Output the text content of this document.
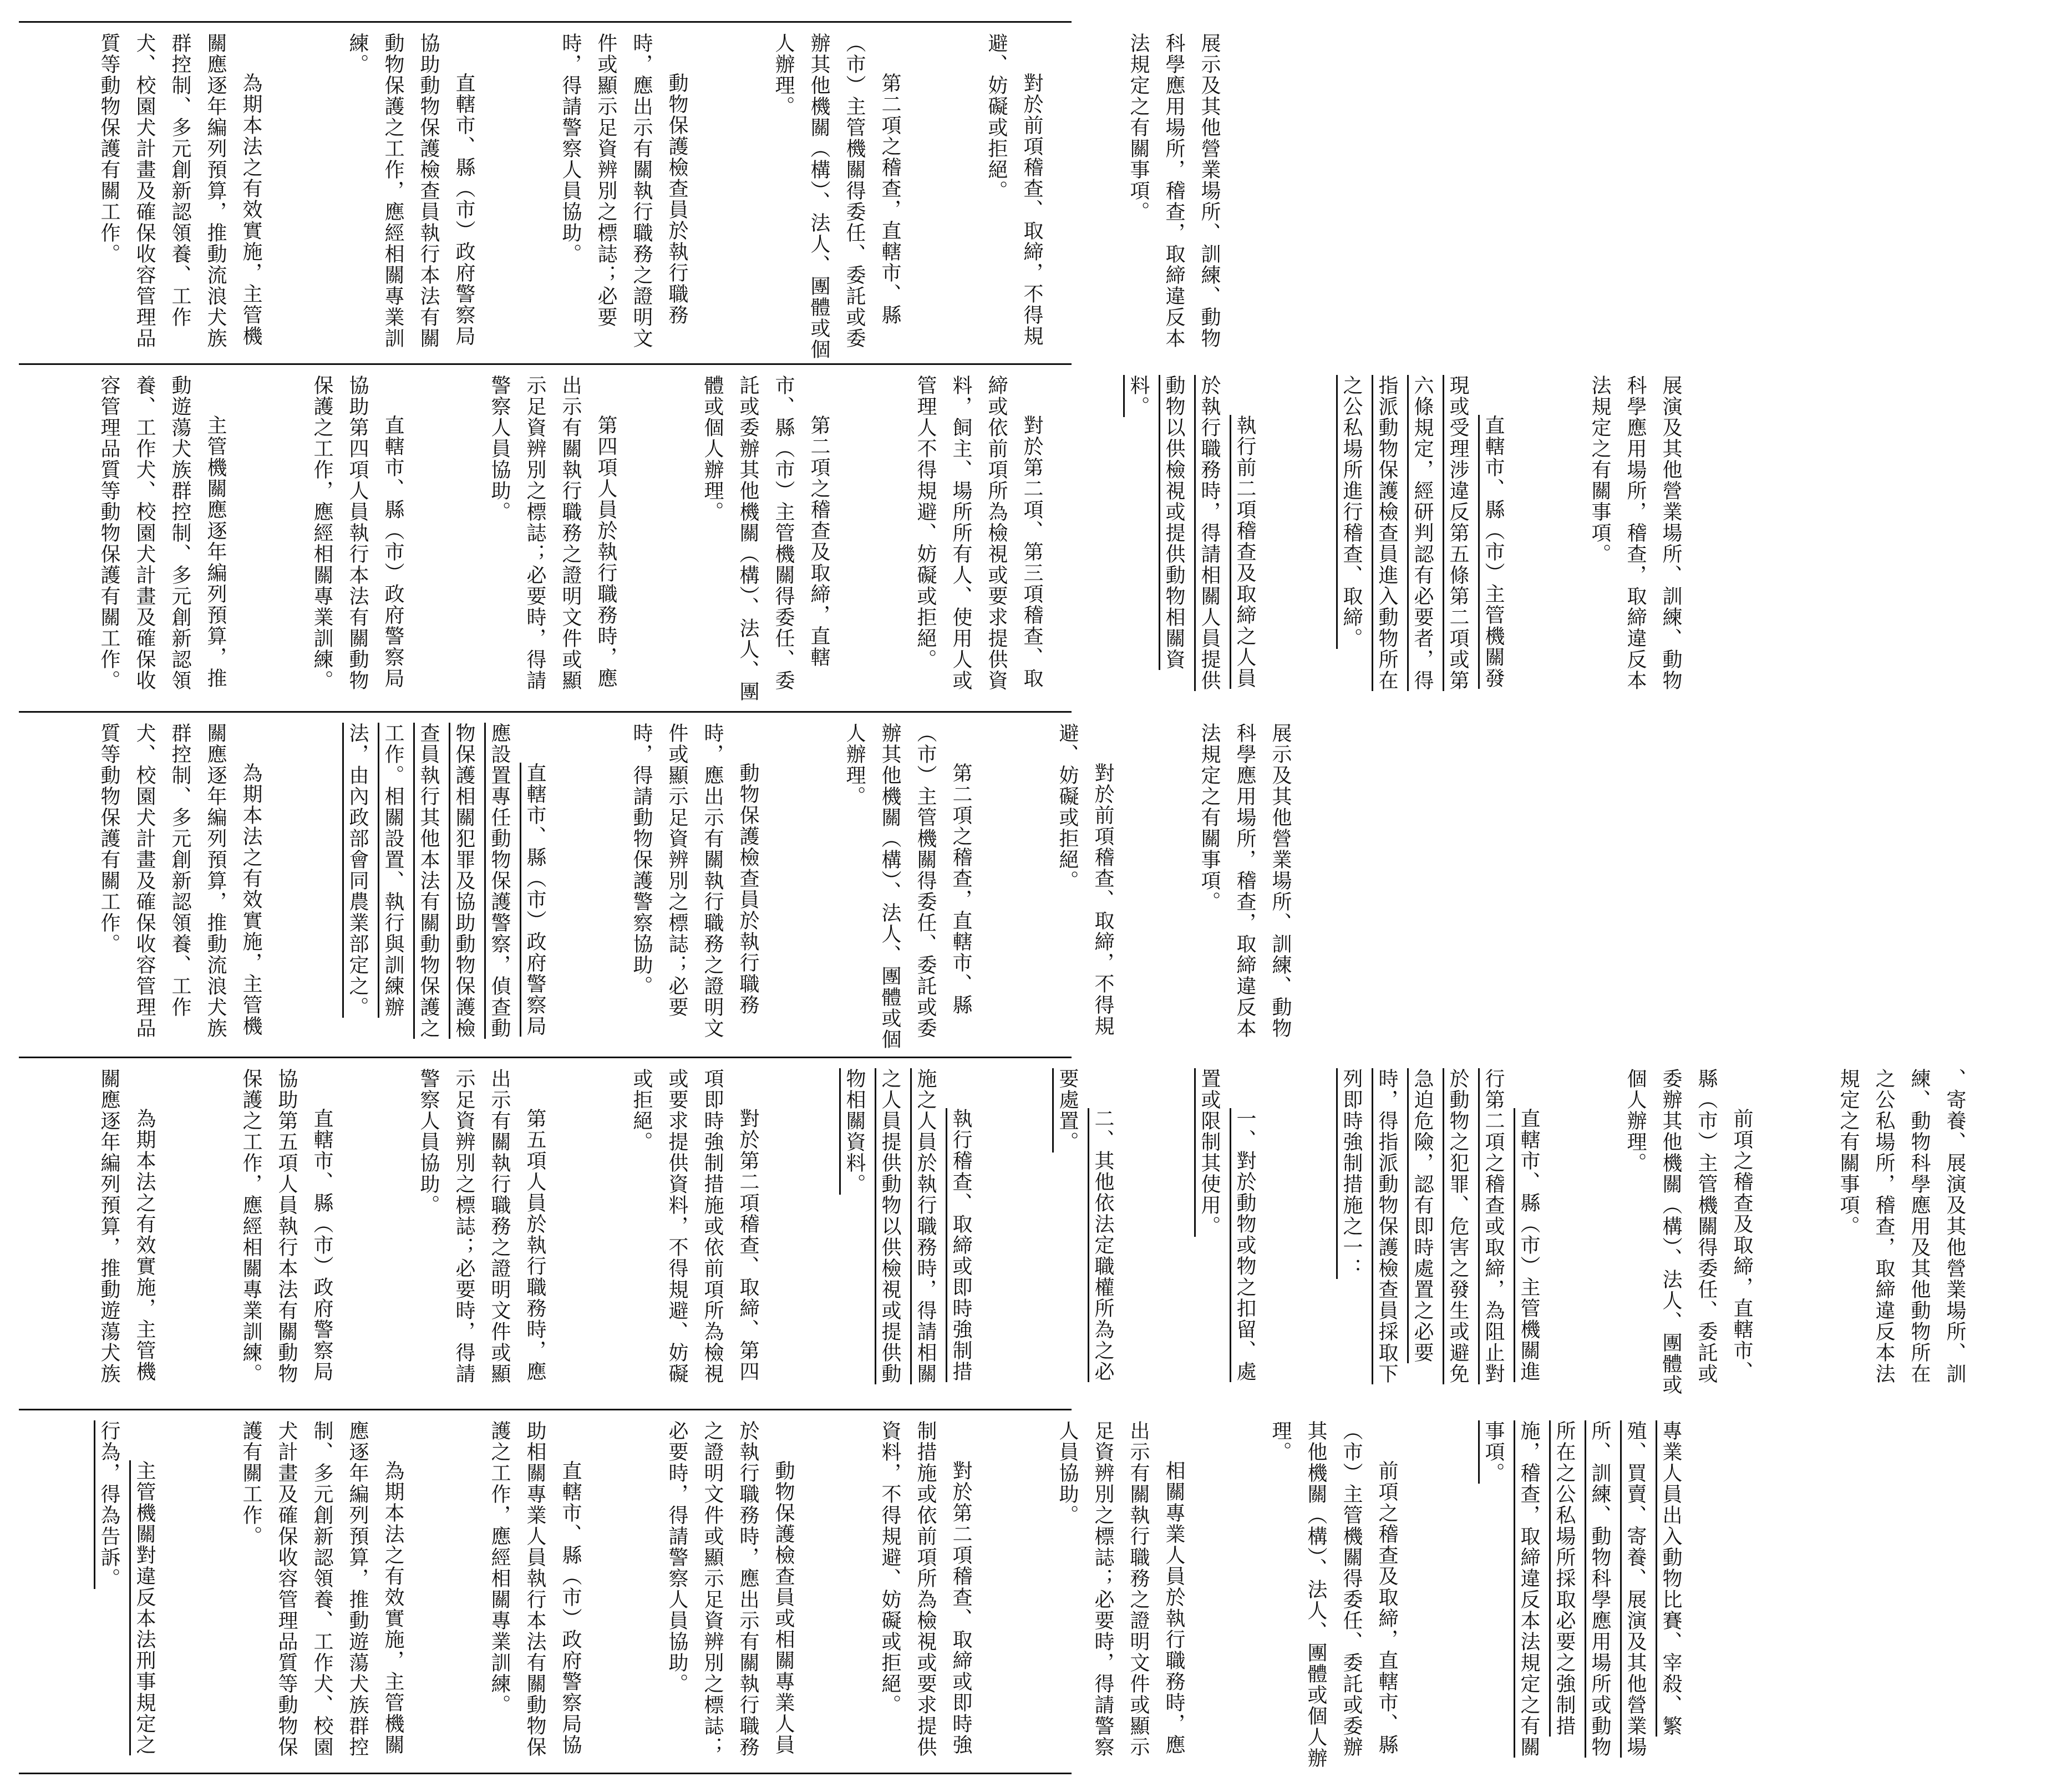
展示及其他營業場所、訓練、動物科學應用場所，稽查，取締違反本法規定之有關事項。

對於前項稽查、取締，不得規避、妨礙或拒絕。

第二項之稽查，直轄市、縣（市）主管機關得委任、委託或委辦其他機關（構）、法人、團體或個人辦理。

動物保護檢查員於執行職務時，應出示有關執行職務之證明文件或顯示足資辨別之標誌；必要時，得請警察人員協助。

直轄市、縣（市）政府警察局協助動物保護檢查員執行本法有關動物保護之工作，應經相關專業訓練。

為期本法之有效實施，主管機關應逐年編列預算，推動流浪犬族群控制、多元創新認領養、工作犬、校園犬計畫及確保收容管理品質等動物保護有關工作。

展演及其他營業場所、訓練、動物科學應用場所，稽查，取締違反本法規定之有關事項。

直轄市、縣（市）主管機關發現或受理涉違反第五條第二項或第六條規定，經研判認有必要者，得指派動物保護檢查員進入動物所在之公私場所進行稽查、取締。

執行前二項稽查及取締之人員於執行職務時，得請相關人員提供動物以供檢視或提供動物相關資料。

對於第二項、第三項稽查、取締或依前項所為檢視或要求提供資料，飼主、場所所有人、使用人或管理人不得規避、妨礙或拒絕。

第二項之稽查及取締，直轄市、縣（市）主管機關得委任、委託或委辦其他機關（構）、法人、團體或個人辦理。

第四項人員於執行職務時，應出示有關執行職務之證明文件或顯示足資辨別之標誌；必要時，得請警察人員協助。

直轄市、縣（市）政府警察局協助第四項人員執行本法有關動物保護之工作，應經相關專業訓練。

主管機關應逐年編列預算，推動遊蕩犬族群控制、多元創新認領養、工作犬、校園犬計畫及確保收容管理品質等動物保護有關工作。

展示及其他營業場所、訓練、動物科學應用場所，稽查，取締違反本法規定之有關事項。

對於前項稽查、取締，不得規避、妨礙或拒絕。

第二項之稽查，直轄市、縣（市）主管機關得委任、委託或委辦其他機關（構）、法人、團體或個人辦理。

動物保護檢查員於執行職務時，應出示有關執行職務之證明文件或顯示足資辨別之標誌；必要時，得請動物保護警察協助。

直轄市、縣（市）政府警察局應設置專任動物保護警察，偵查動物保護相關犯罪及協助動物保護檢查員執行其他本法有關動物保護之工作。相關設置、執行與訓練辦法，由內政部會同農業部定之。

為期本法之有效實施，主管機關應逐年編列預算，推動流浪犬族群控制、多元創新認領養、工作犬、校園犬計畫及確保收容管理品質等動物保護有關工作。

、寄養、展演及其他營業場所、訓練、動物科學應用及其他動物所在之公私場所，稽查，取締違反本法規定之有關事項。

前項之稽查及取締，直轄市、縣（市）主管機關得委任、委託或委辦其他機關（構）、法人、團體或個人辦理。

直轄市、縣（市）主管機關進行第二項之稽查或取締，為阻止對於動物之犯罪、危害之發生或避免急迫危險，認有即時處置之必要時，得指派動物保護檢查員採取下列即時強制措施之一：

一、對於動物或物之扣留、處置或限制其使用。

二、其他依法定職權所為之必要處置。

執行稽查、取締或即時強制措施之人員於執行職務時，得請相關之人員提供動物以供檢視或提供動物相關資料。

對於第二項稽查、取締、第四項即時強制措施或依前項所為檢視或要求提供資料，不得規避、妨礙或拒絕。

第五項人員於執行職務時，應出示有關執行職務之證明文件或顯示足資辨別之標誌；必要時，得請警察人員協助。

直轄市、縣（市）政府警察局協助第五項人員執行本法有關動物保護之工作，應經相關專業訓練。

為期本法之有效實施，主管機關應逐年編列預算，推動遊蕩犬族

專業人員出入動物比賽、宰殺、繁殖、買賣、寄養、展演及其他營業場所、訓練、動物科學應用場所或動物所在之公私場所採取必要之強制措施，稽查，取締違反本法規定之有關事項。

前項之稽查及取締，直轄市、縣（市）主管機關得委任、委託或委辦其他機關（構）、法人、團體或個人辦理。

相關專業人員於執行職務時，應出示有關執行職務之證明文件或顯示足資辨別之標誌；必要時，得請警察人員協助。

對於第二項稽查、取締或即時強制措施或依前項所為檢視或要求提供資料，不得規避、妨礙或拒絕。

動物保護檢查員或相關專業人員於執行職務時，應出示有關執行職務之證明文件或顯示足資辨別之標誌；必要時，得請警察人員協助。

直轄市、縣（市）政府警察局協助相關專業人員執行本法有關動物保護之工作，應經相關專業訓練。

為期本法之有效實施，主管機關應逐年編列預算，推動遊蕩犬族群控制、多元創新認領養、工作犬、校園犬計畫及確保收容管理品質等動物保護有關工作。

主管機關對違反本法刑事規定之行為，得為告訴。
